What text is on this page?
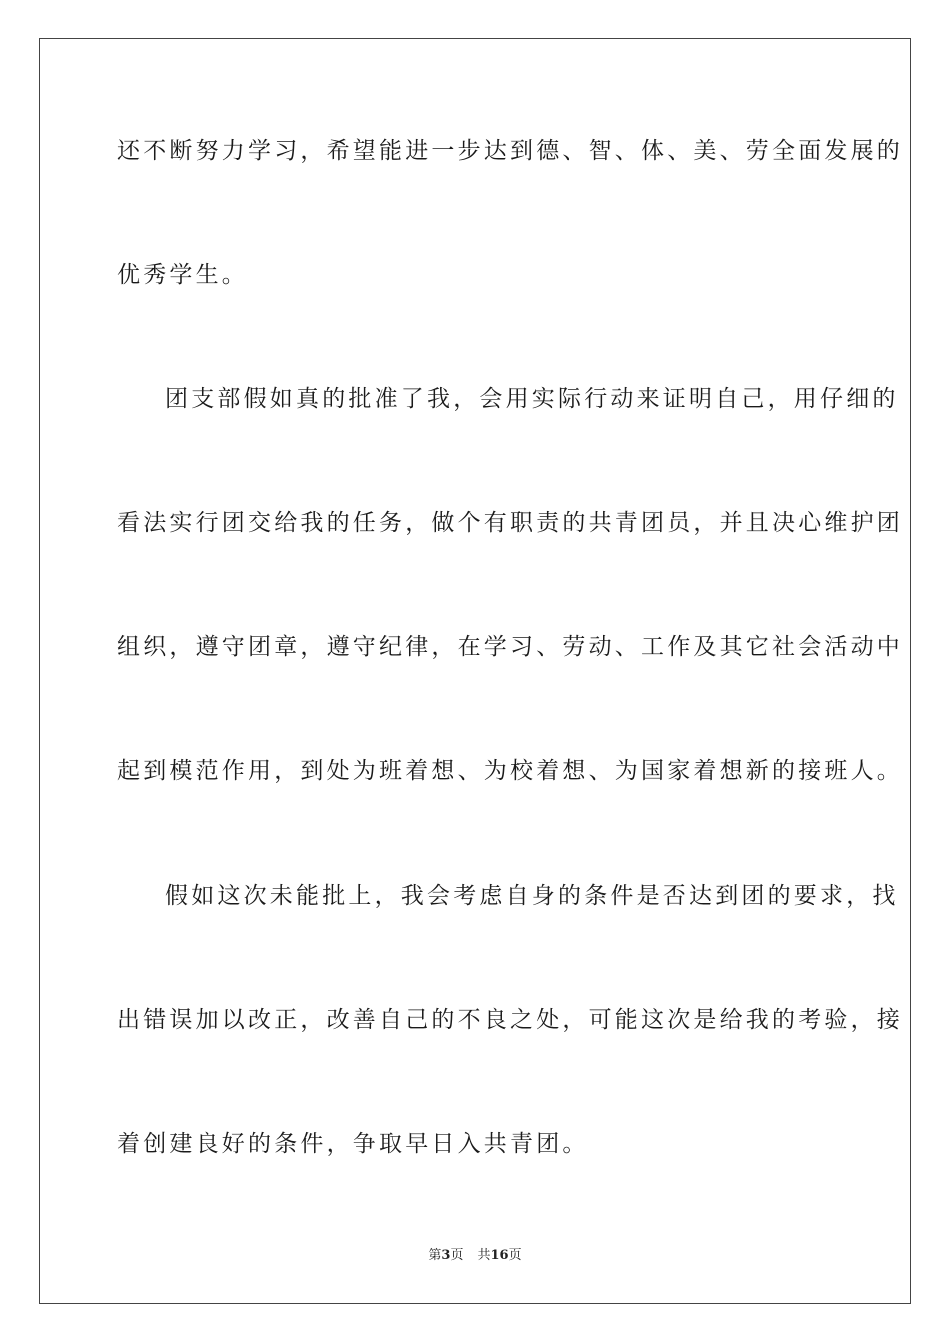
还不断努力学习，希望能进一步达到德、智、体、美、劳全面发展的
优秀学生。
团支部假如真的批准了我，会用实际行动来证明自己，用仔细的
看法实行团交给我的任务，做个有职责的共青团员，并且决心维护团
组织，遵守团章，遵守纪律，在学习、劳动、工作及其它社会活动中
起到模范作用，到处为班着想、为校着想、为国家着想新的接班人。
假如这次未能批上，我会考虑自身的条件是否达到团的要求，找
出错误加以改正，改善自己的不良之处，可能这次是给我的考验，接
着创建良好的条件，争取早日入共青团。
第3页 共16页
